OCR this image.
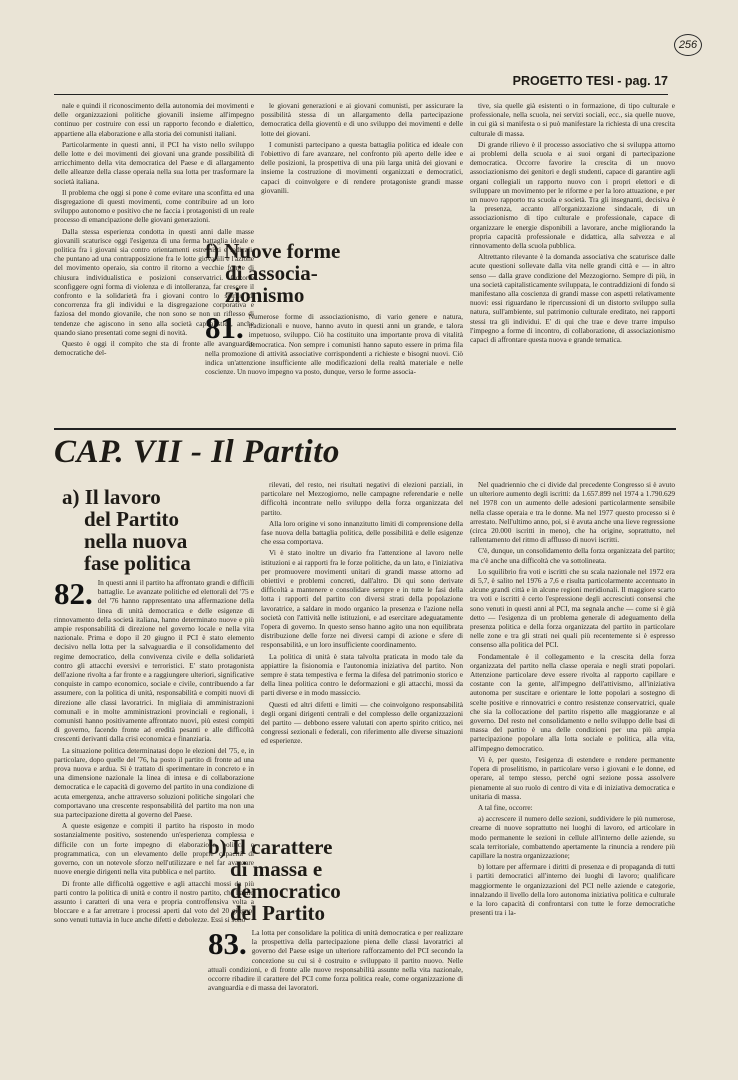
256
PROGETTO TESI - pag. 17

nale e quindi il riconoscimento della autonomia dei movimenti e delle organizzazioni politiche giovanili insieme all'impegno continuo per costruire con essi un rapporto fecondo e dialettico, appartiene alla elaborazione e alla storia dei comunisti italiani.

Particolarmente in questi anni, il PCI ha visto nello sviluppo delle lotte e dei movimenti dei giovani una grande possibilità di arricchimento della vita democratica del Paese e di allargamento delle alleanze della classe operaia nella sua lotta per trasformare la società italiana.

Il problema che oggi si pone è come evitare una sconfitta ed una disgregazione di questi movimenti, come contribuire ad un loro sviluppo autonomo e positivo che ne faccia i protagonisti di un reale processo di emancipazione delle giovani generazioni.

Dalla stessa esperienza condotta in questi anni dalle masse giovanili scaturisce oggi l'esigenza di una ferma battaglia ideale e politica fra i giovani sia contro orientamenti estremisti e radicali, che puntano ad una contrapposizione fra le lotte giovanili e l'azione del movimento operaio, sia contro il ritorno a vecchie forme di chiusura individualistica e posizioni conservatrici. Occorre sconfiggere ogni forma di violenza e di intolleranza, far crescere il confronto e la solidarietà fra i giovani contro lo spirito di concorrenza fra gli individui e la disgregazione corporativa e faziosa del mondo giovanile, che non sono se non un riflesso di tendenze che agiscono in seno alla società capitalistica, anche quando siano presentati come segni di novità.

Questo è oggi il compito che sta di fronte alle avanguardie democratiche del-

le giovani generazioni e ai giovani comunisti, per assicurare la possibilità stessa di un allargamento della partecipazione democratica della gioventù e di uno sviluppo dei movimenti e delle lotte dei giovani.

I comunisti partecipano a questa battaglia politica ed ideale con l'obiettivo di fare avanzare, nel confronto più aperto delle idee e delle posizioni, la prospettiva di una più larga unità dei giovani e insieme la costruzione di movimenti organizzati e democratici, capaci di coinvolgere e di rendere protagoniste grandi masse giovanili.

f) Nuove forme
di associa-
zionismo
81. Numerose forme di associazionismo, di vario genere e natura, tradizionali e nuove, hanno avuto in questi anni un grande, e talora impetuoso, sviluppo. Ciò ha costituito una importante prova di vitalità democratica. Non sempre i comunisti hanno saputo essere in prima fila nella promozione di attività associative corrispondenti a richieste e bisogni nuovi. Ciò indica un'attenzione insufficiente alle modificazioni della realtà materiale e nelle coscienze. Un nuovo impegno va posto, dunque, verso le forme associa-

tive, sia quelle già esistenti o in formazione, di tipo culturale e professionale, nella scuola, nei servizi sociali, ecc., sia quelle nuove, in cui già si manifesta o si può manifestare la richiesta di una crescita culturale di massa.

Di grande rilievo è il processo associativo che si sviluppa attorno ai problemi della scuola e ai suoi organi di partecipazione democratica. Occorre favorire la crescita di un nuovo associazionismo dei genitori e degli studenti, capace di garantire agli organi collegiali un rapporto nuovo con i propri elettori e di sviluppare un movimento per le riforme e per la loro attuazione, e per un nuovo rapporto tra scuola e società. Tra gli insegnanti, decisiva è la presenza, accanto all'organizzazione sindacale, di un associazionismo di tipo culturale e professionale, capace di organizzare le energie disponibili a lavorare, anche migliorando la propria capacità professionale e didattica, alla salvezza e al rinnovamento della scuola pubblica.

Altrettanto rilevante è la domanda associativa che scaturisce dalle acute questioni sollevate dalla vita nelle grandi città e — in altro senso — dalla grave condizione del Mezzogiorno. Sempre di più, in una società capitalisticamente sviluppata, le contraddizioni di fondo si manifestano alla coscienza di grandi masse con aspetti relativamente nuovi: essi riguardano le ripercussioni di un distorto sviluppo sulla natura, sull'ambiente, sul patrimonio culturale ereditato, nei rapporti stessi tra gli individui. E' di qui che trae e deve trarre impulso l'impegno a forme di incontro, di collaborazione, di associazionismo capaci di affrontare questa nuova e grande tematica.

CAP. VII - Il Partito
a) Il lavoro
del Partito
nella nuova
fase politica
82. In questi anni il partito ha affrontato grandi e difficili battaglie. Le avanzate politiche ed elettorali del '75 e del '76 hanno rappresentato una affermazione della linea di unità democratica e delle esigenze di rinnovamento della società italiana, hanno determinato nuove e più ampie responsabilità di direzione nel governo locale e nella vita nazionale. Prima e dopo il 20 giugno il PCI è stato elemento decisivo nella lotta per la salvaguardia e il consolidamento del regime democratico, della convivenza civile e della solidarietà contro gli attacchi eversivi e terroristici. E' stato protagonista dell'azione rivolta a far fronte e a raggiungere ulteriori, significative conquiste in campo economico, sociale e civile, contribuendo a far assumere, con la politica di unità, responsabilità e compiti nuovi di direzione alle classi lavoratrici. In migliaia di amministrazioni comunali e in molte amministrazioni provinciali e regionali, i comunisti hanno positivamente affrontato nuovi, più estesi compiti di governo, facendo fronte ad eredità pesanti e alle difficoltà crescenti derivanti dalla crisi economica e finanziaria.

La situazione politica determinatasi dopo le elezioni del '75, e, in particolare, dopo quelle del '76, ha posto il partito di fronte ad una prova nuova e ardua. Si è trattato di sperimentare in concreto e in una dimensione nazionale la linea di intesa e di collaborazione democratica e le capacità di governo del partito in una condizione di acuta emergenza, anche attraverso soluzioni politiche singolari che comportavano una crescente responsabilità del partito ma non una sua partecipazione diretta al governo del Paese.

A queste esigenze e compiti il partito ha risposto in modo sostanzialmente positivo, sostenendo un'esperienza complessa e difficile con un forte impegno di elaborazione politica e programmatica, con un elevamento delle proprie capacità di governo, con un notevole sforzo nell'utilizzare e nel far avanzare nuove energie dirigenti nella vita pubblica e nel partito.

Di fronte alle difficoltà oggettive e agli attacchi mossi da più parti contro la politica di unità e contro il nostro partito, che hanno assunto i caratteri di una vera e propria controffensiva volta a bloccare e a far arretrare i processi aperti dal voto del 20 giugno, sono venuti tuttavia in luce anche difetti e debolezze. Essi si sono

rilevati, del resto, nei risultati negativi di elezioni parziali, in particolare nel Mezzogiorno, nelle campagne referendarie e nelle difficoltà incontrate nello sviluppo della forza organizzata del partito.

Alla loro origine vi sono innanzitutto limiti di comprensione della fase nuova della battaglia politica, delle possibilità e delle esigenze che essa comportava.

Vi è stato inoltre un divario fra l'attenzione al lavoro nelle istituzioni e ai rapporti fra le forze politiche, da un lato, e l'iniziativa per promuovere movimenti unitari di grandi masse attorno ad obiettivi e problemi concreti, dall'altro. Di qui sono derivate difficoltà a mantenere e consolidare sempre e in tutte le fasi della lotta i rapporti del partito con diversi strati della popolazione lavoratrice, a saldare in modo organico la presenza e l'azione nella società con l'attività nelle istituzioni, e ad esercitare adeguatamente l'opera di governo. In questo senso hanno agito una non equilibrata distribuzione delle forze nei diversi campi di azione e sfere di responsabilità, e un loro insufficiente coordinamento.

La politica di unità è stata talvolta praticata in modo tale da appiattire la fisionomia e l'autonomia iniziativa del partito. Non sempre è stata tempestiva e ferma la difesa del patrimonio storico e della linea politica contro le deformazioni e gli attacchi, mossi da parti diverse e in modo massiccio.

Questi ed altri difetti e limiti — che coinvolgono responsabilità degli organi dirigenti centrali e del complesso delle organizzazioni del partito — debbono essere valutati con aperto spirito critico, nei congressi sezionali e federali, con riferimento alle diverse situazioni ed esperienze.

b) Il carattere
di massa e
democratico
del Partito
83. La lotta per consolidare la politica di unità democratica e per realizzare la prospettiva della partecipazione piena delle classi lavoratrici al governo del Paese esige un ulteriore rafforzamento del PCI secondo la concezione su cui si è costruito e sviluppato il partito nuovo. Nelle attuali condizioni, e di fronte alle nuove responsabilità assunte nella vita nazionale, occorre ribadire il carattere del PCI come forza politica reale, come organizzazione di avanguardia e di massa dei lavoratori.

Nel quadriennio che ci divide dal precedente Congresso si è avuto un ulteriore aumento degli iscritti: da 1.657.899 nel 1974 a 1.790.629 nel 1978 con un aumento delle adesioni particolarmente sensibile nella classe operaia e tra le donne. Ma nel 1977 questo processo si è arrestato. Nell'ultimo anno, poi, si è avuta anche una lieve regressione (circa 20.000 iscritti in meno), che ha origine, soprattutto, nel rallentamento del ritmo di afflusso di nuovi iscritti.

C'è, dunque, un consolidamento della forza organizzata del partito; ma c'è anche una difficoltà che va sottolineata.

Lo squilibrio fra voti e iscritti che su scala nazionale nel 1972 era di 5,7, è salito nel 1976 a 7,6 e risulta particolarmente accentuato in alcune grandi città e in alcune regioni meridionali. Il maggiore scarto tra voti e iscritti è certo l'espressione degli accresciuti consensi che sono venuti in questi anni al PCI, ma segnala anche — come si è già detto — l'esigenza di un problema generale di adeguamento della presenza politica e della forza organizzata del partito in particolare nelle zone e tra gli strati nei quali più recentemente si è espresso consenso alla politica del PCI.

Fondamentale è il collegamento e la crescita della forza organizzata del partito nella classe operaia e negli strati popolari. Attenzione particolare deve essere rivolta al rapporto capillare e costante con la gente, all'impegno dell'attivismo, all'iniziativa autonoma per suscitare e orientare le lotte popolari a sostegno di scelte positive e rinnovatrici e contro resistenze conservatrici, quale che sia la collocazione del partito rispetto alle maggioranze e al governo. Del resto nel consolidamento e nello sviluppo delle basi di massa del partito è una delle condizioni per una più ampia partecipazione popolare alla lotta sociale e politica, alla vita, all'impegno democratico.

Vi è, per questo, l'esigenza di estendere e rendere permanente l'opera di proselitismo, in particolare verso i giovani e le donne, ed operare, al tempo stesso, perché ogni sezione possa assolvere pienamente al suo ruolo di centro di vita e di iniziativa democratica e unitaria di massa.

A tal fine, occorre:

a) accrescere il numero delle sezioni, suddividere le più numerose, crearne di nuove soprattutto nei luoghi di lavoro, ed articolare in modo permanente le sezioni in cellule all'interno delle aziende, su scala territoriale, combattendo apertamente la rinuncia a rendere più capillare la nostra organizzazione;

b) lottare per affermare i diritti di presenza e di propaganda di tutti i partiti democratici all'interno dei luoghi di lavoro; qualificare maggiormente le organizzazioni del PCI nelle aziende e categorie, innalzando il livello della loro autonoma iniziativa politica e culturale e la loro capacità di confrontarsi con tutte le forze democratiche presenti tra i la-
